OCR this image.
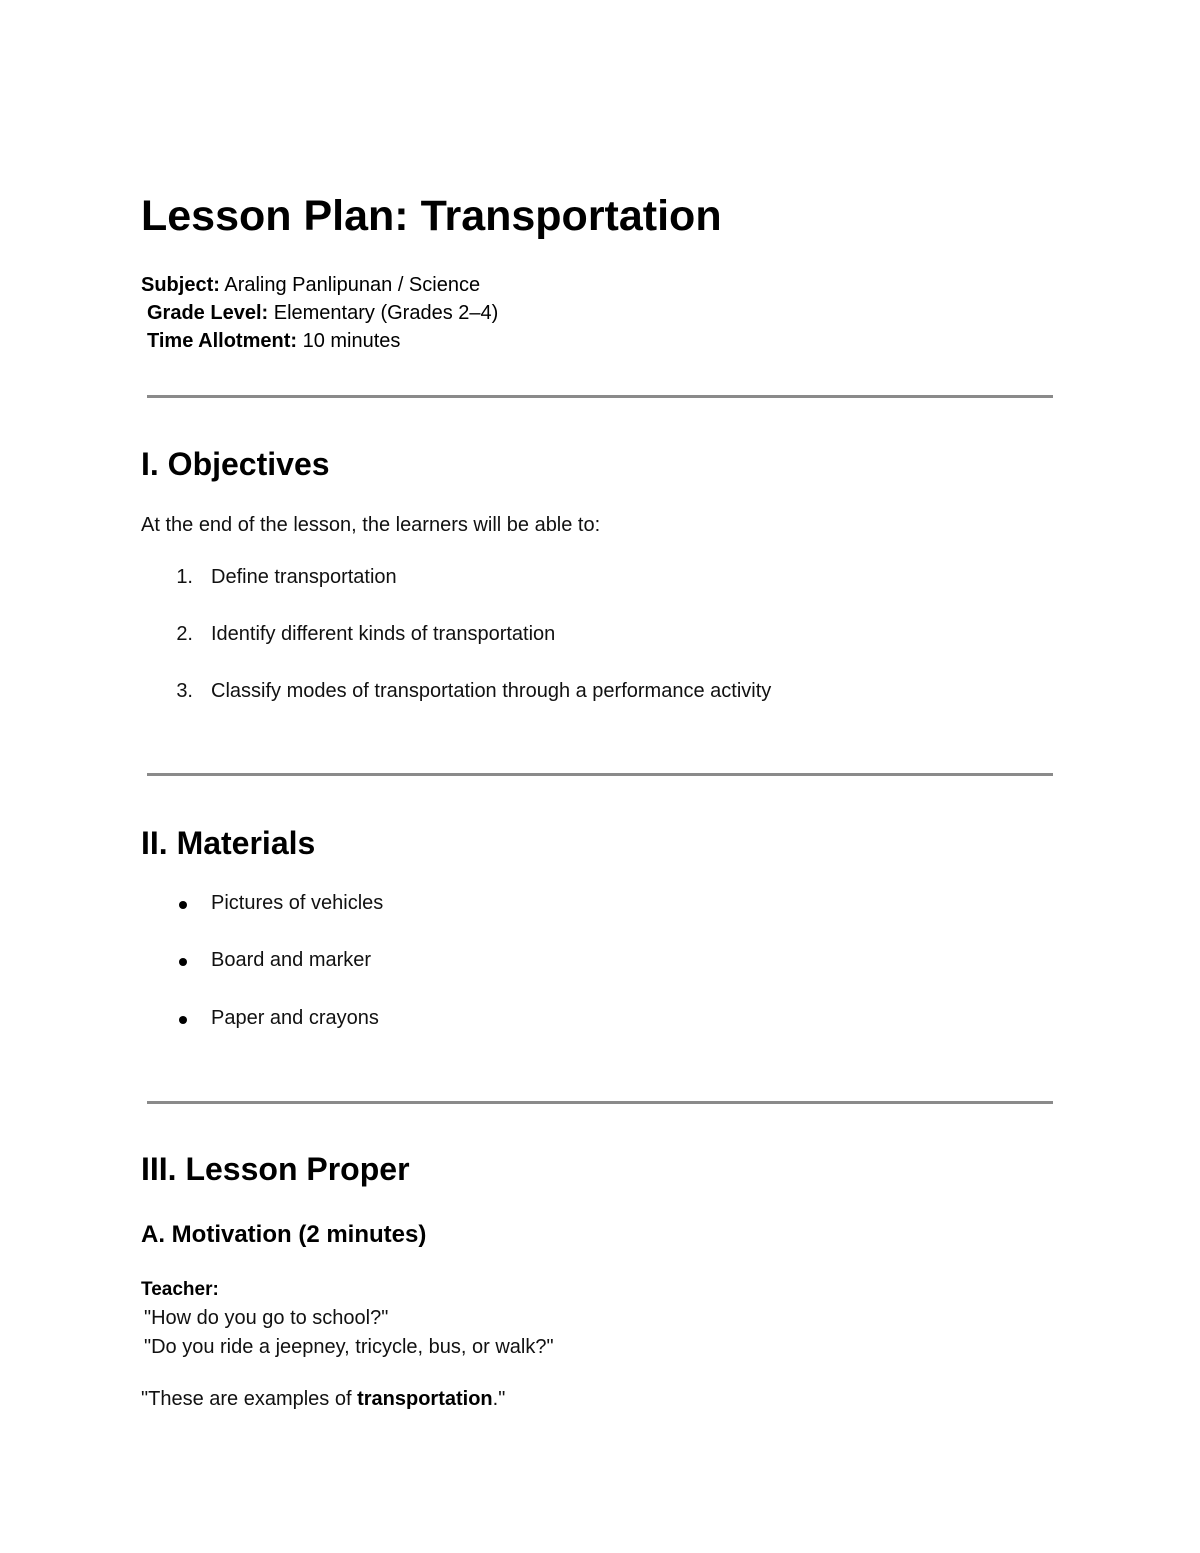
Lesson Plan: Transportation
Subject: Araling Panlipunan / Science
Grade Level: Elementary (Grades 2–4)
Time Allotment: 10 minutes
I. Objectives
At the end of the lesson, the learners will be able to:
1. Define transportation
2. Identify different kinds of transportation
3. Classify modes of transportation through a performance activity
II. Materials
Pictures of vehicles
Board and marker
Paper and crayons
III. Lesson Proper
A. Motivation (2 minutes)
Teacher:
"How do you go to school?"
"Do you ride a jeepney, tricycle, bus, or walk?"
"These are examples of transportation."
